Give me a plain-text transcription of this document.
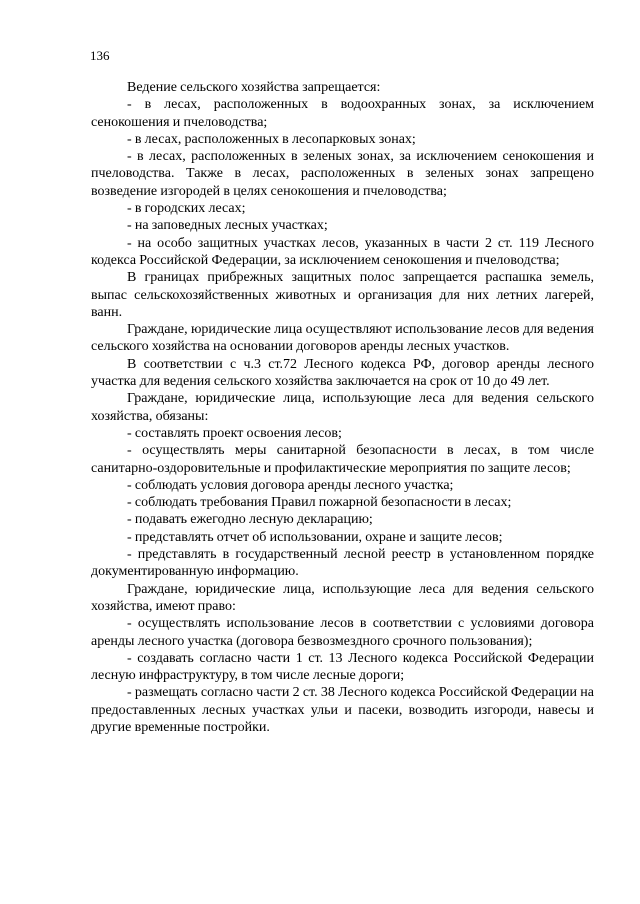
136

Ведение сельского хозяйства запрещается:

- в лесах, расположенных в водоохранных зонах, за исключением сенокошения и пчеловодства;

- в лесах, расположенных в лесопарковых зонах;

- в лесах, расположенных в зеленых зонах, за исключением сенокошения и пчеловодства. Также в лесах, расположенных в зеленых зонах запрещено возведение изгородей в целях сенокошения и пчеловодства;

- в городских лесах;

- на заповедных лесных участках;

- на особо защитных участках лесов, указанных в части 2 ст. 119 Лесного кодекса Российской Федерации, за исключением сенокошения и пчеловодства;

В границах прибрежных защитных полос запрещается распашка земель, выпас сельскохозяйственных животных и организация для них летних лагерей, ванн.

Граждане, юридические лица осуществляют использование лесов для ведения сельского хозяйства на основании договоров аренды лесных участков.

В соответствии с ч.3 ст.72 Лесного кодекса РФ, договор аренды лесного участка для ведения сельского хозяйства заключается на срок от 10 до 49 лет.

Граждане, юридические лица, использующие леса для ведения сельского хозяйства, обязаны:

- составлять проект освоения лесов;

- осуществлять меры санитарной безопасности в лесах, в том числе санитарно-оздоровительные и профилактические мероприятия по защите лесов;

- соблюдать условия договора аренды лесного участка;

- соблюдать требования Правил пожарной безопасности в лесах;

- подавать ежегодно лесную декларацию;

- представлять отчет об использовании, охране и защите лесов;

- представлять в государственный лесной реестр в установленном порядке документированную информацию.

Граждане, юридические лица, использующие леса для ведения сельского хозяйства, имеют право:

- осуществлять использование лесов в соответствии с условиями договора аренды лесного участка (договора безвозмездного срочного пользования);

- создавать согласно части 1 ст. 13 Лесного кодекса Российской Федерации лесную инфраструктуру, в том числе лесные дороги;

- размещать согласно части 2 ст. 38 Лесного кодекса Российской Федерации на предоставленных лесных участках ульи и пасеки, возводить изгороди, навесы и другие временные постройки.
